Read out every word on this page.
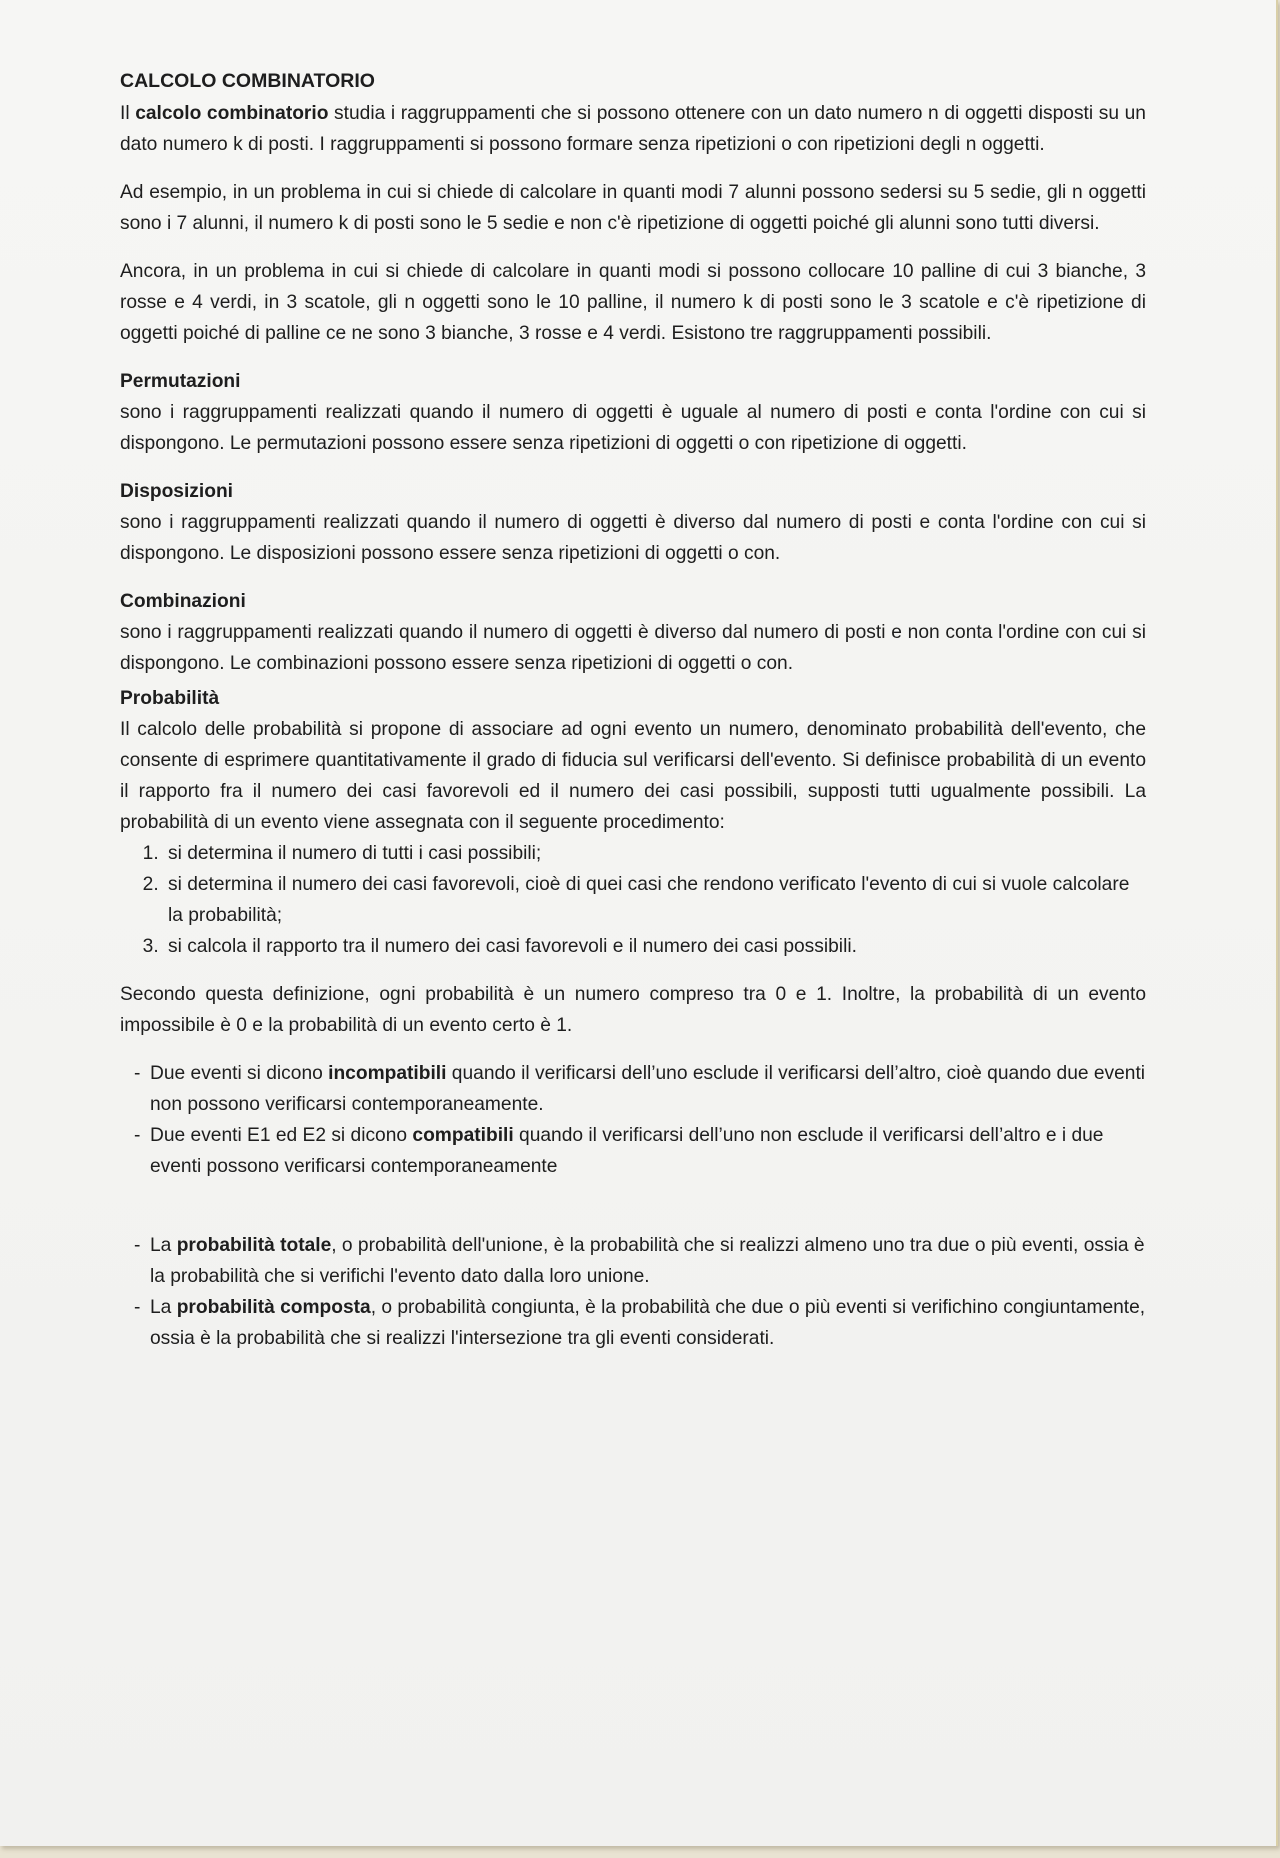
CALCOLO COMBINATORIO

Il calcolo combinatorio studia i raggruppamenti che si possono ottenere con un dato numero n di oggetti disposti su un dato numero k di posti. I raggruppamenti si possono formare senza ripetizioni o con ripetizioni degli n oggetti.

Ad esempio, in un problema in cui si chiede di calcolare in quanti modi 7 alunni possono sedersi su 5 sedie, gli n oggetti sono i 7 alunni, il numero k di posti sono le 5 sedie e non c'è ripetizione di oggetti poiché gli alunni sono tutti diversi.

Ancora, in un problema in cui si chiede di calcolare in quanti modi si possono collocare 10 palline di cui 3 bianche, 3 rosse e 4 verdi, in 3 scatole, gli n oggetti sono le 10 palline, il numero k di posti sono le 3 scatole e c'è ripetizione di oggetti poiché di palline ce ne sono 3 bianche, 3 rosse e 4 verdi. Esistono tre raggruppamenti possibili.

Permutazioni

sono i raggruppamenti realizzati quando il numero di oggetti è uguale al numero di posti e conta l'ordine con cui si dispongono. Le permutazioni possono essere senza ripetizioni di oggetti o con ripetizione di oggetti.

Disposizioni

sono i raggruppamenti realizzati quando il numero di oggetti è diverso dal numero di posti e conta l'ordine con cui si dispongono. Le disposizioni possono essere senza ripetizioni di oggetti o con.

Combinazioni

sono i raggruppamenti realizzati quando il numero di oggetti è diverso dal numero di posti e non conta l'ordine con cui si dispongono. Le combinazioni possono essere senza ripetizioni di oggetti o con.

Probabilità

Il calcolo delle probabilità si propone di associare ad ogni evento un numero, denominato probabilità dell'evento, che consente di esprimere quantitativamente il grado di fiducia sul verificarsi dell'evento. Si definisce probabilità di un evento il rapporto fra il numero dei casi favorevoli ed il numero dei casi possibili, supposti tutti ugualmente possibili. La probabilità di un evento viene assegnata con il seguente procedimento:

1. si determina il numero di tutti i casi possibili;
2. si determina il numero dei casi favorevoli, cioè di quei casi che rendono verificato l'evento di cui si vuole calcolare la probabilità;
3. si calcola il rapporto tra il numero dei casi favorevoli e il numero dei casi possibili.

Secondo questa definizione, ogni probabilità è un numero compreso tra 0 e 1. Inoltre, la probabilità di un evento impossibile è 0 e la probabilità di un evento certo è 1.

- Due eventi si dicono incompatibili quando il verificarsi dell’uno esclude il verificarsi dell’altro, cioè quando due eventi non possono verificarsi contemporaneamente.
- Due eventi E1 ed E2 si dicono compatibili quando il verificarsi dell’uno non esclude il verificarsi dell’altro e i due eventi possono verificarsi contemporaneamente
- La probabilità totale, o probabilità dell'unione, è la probabilità che si realizzi almeno uno tra due o più eventi, ossia è la probabilità che si verifichi l'evento dato dalla loro unione.
- La probabilità composta, o probabilità congiunta, è la probabilità che due o più eventi si verifichino congiuntamente, ossia è la probabilità che si realizzi l'intersezione tra gli eventi considerati.
